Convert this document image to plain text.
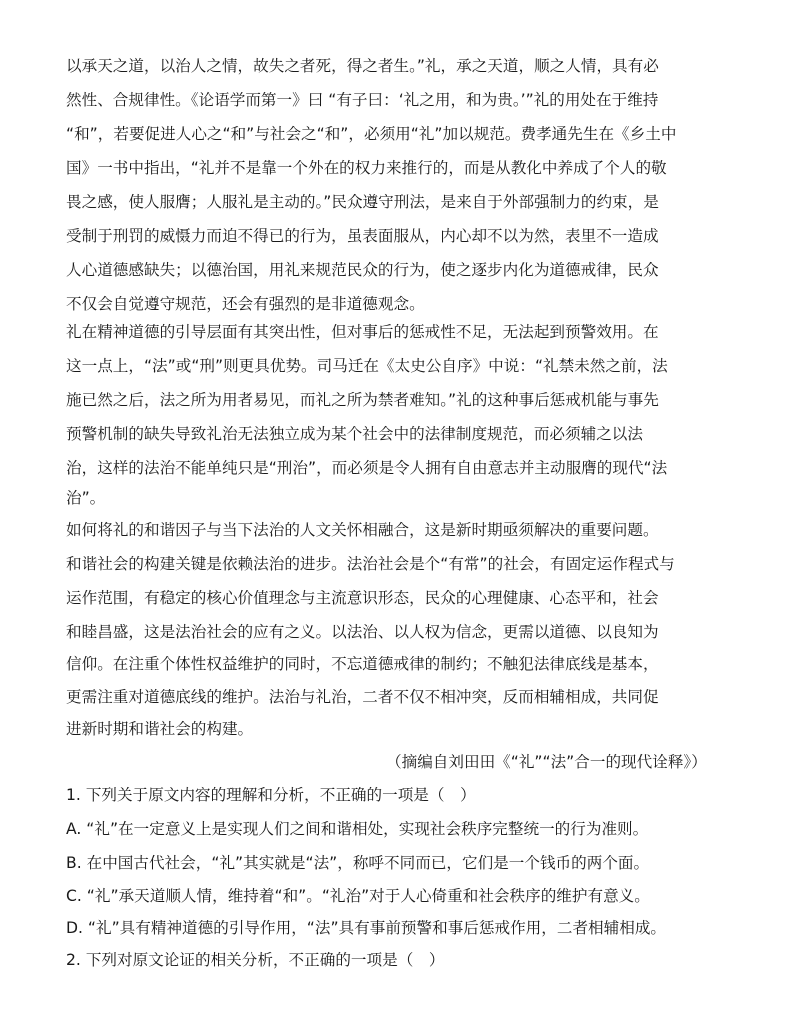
以承天之道，以治人之情，故失之者死，得之者生。”礼，承之天道，顺之人情，具有必
然性、合规律性。《论语学而第一》曰 “有子曰：‘礼之用，和为贵。’”礼的用处在于维持
“和”，若要促进人心之“和”与社会之“和”，必须用“礼”加以规范。费孝通先生在《乡土中
国》一书中指出，“礼并不是靠一个外在的权力来推行的，而是从教化中养成了个人的敬
畏之感，使人服膺；人服礼是主动的。”民众遵守刑法，是来自于外部强制力的约束，是
受制于刑罚的威慑力而迫不得已的行为，虽表面服从，内心却不以为然，表里不一造成
人心道德感缺失；以德治国，用礼来规范民众的行为，使之逐步内化为道德戒律，民众
不仅会自觉遵守规范，还会有强烈的是非道德观念。
礼在精神道德的引导层面有其突出性，但对事后的惩戒性不足，无法起到预警效用。在
这一点上，“法”或“刑”则更具优势。司马迁在《太史公自序》中说：“礼禁未然之前，法
施已然之后，法之所为用者易见，而礼之所为禁者难知。”礼的这种事后惩戒机能与事先
预警机制的缺失导致礼治无法独立成为某个社会中的法律制度规范，而必须辅之以法
治，这样的法治不能单纯只是“刑治”，而必须是令人拥有自由意志并主动服膺的现代“法
治”。
如何将礼的和谐因子与当下法治的人文关怀相融合，这是新时期亟须解决的重要问题。
和谐社会的构建关键是依赖法治的进步。法治社会是个“有常”的社会，有固定运作程式与
运作范围，有稳定的核心价值理念与主流意识形态，民众的心理健康、心态平和，社会
和睦昌盛，这是法治社会的应有之义。以法治、以人权为信念，更需以道德、以良知为
信仰。在注重个体性权益维护的同时，不忘道德戒律的制约；不触犯法律底线是基本，
更需注重对道德底线的维护。法治与礼治，二者不仅不相冲突，反而相辅相成，共同促
进新时期和谐社会的构建。
（摘编自刘田田《“礼”“法”合一的现代诠释》）
1. 下列关于原文内容的理解和分析，不正确的一项是（　）
A. “礼”在一定意义上是实现人们之间和谐相处，实现社会秩序完整统一的行为准则。
B. 在中国古代社会，“礼”其实就是“法”，称呼不同而已，它们是一个钱币的两个面。
C. “礼”承天道顺人情，维持着“和”。“礼治”对于人心倚重和社会秩序的维护有意义。
D. “礼”具有精神道德的引导作用，“法”具有事前预警和事后惩戒作用，二者相辅相成。
2. 下列对原文论证的相关分析，不正确的一项是（　）
